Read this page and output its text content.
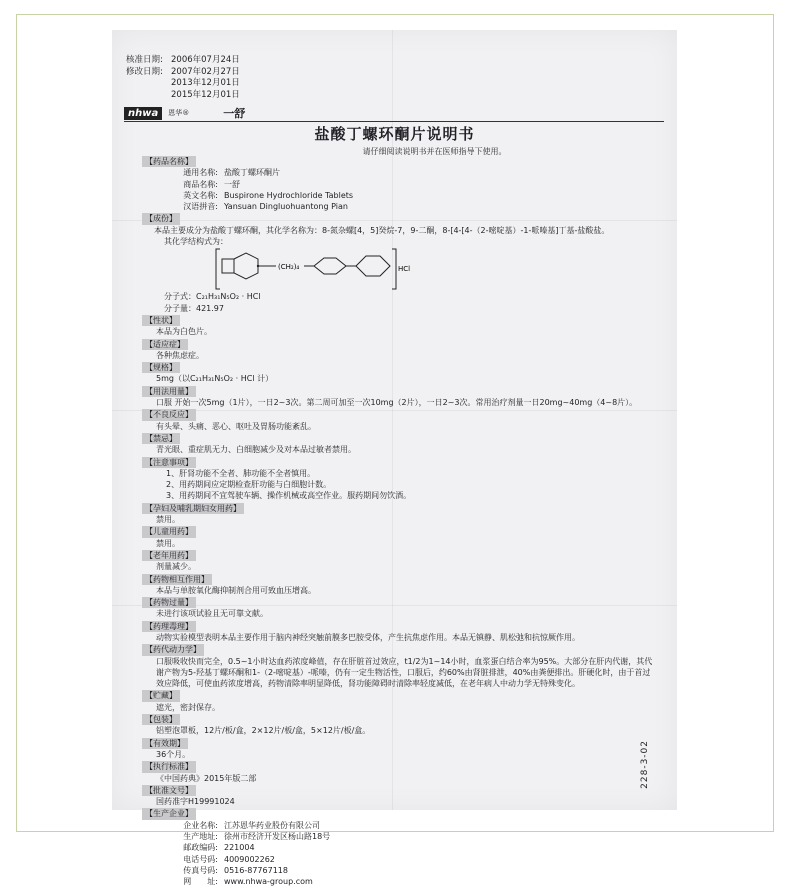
核准日期: 2006年07月24日
修改日期: 2007年02月27日
2013年12月01日
2015年12月01日
nhwa	恩华®	一舒
盐酸丁螺环酮片说明书
请仔细阅读说明书并在医师指导下使用。
【药品名称】
通用名称: 盐酸丁螺环酮片
商品名称: 一舒
英文名称: Buspirone Hydrochloride Tablets
汉语拼音: Yansuan Dingluohuantong Pian
【成份】
本品主要成分为盐酸丁螺环酮，其化学名称为：8-氮杂螺[4，5]癸烷-7，9-二酮，8-[4-[4-（2-嘧啶基）-1-哌嗪基]丁基-盐酸盐。
其化学结构式为：
(CH₂)₄	HCl
分子式：C₂₁H₃₁N₅O₂ · HCl
分子量：421.97
【性状】
本品为白色片。
【适应症】
各种焦虑症。
【规格】
5mg（以C₂₁H₃₁N₅O₂ · HCl 计）
【用法用量】
口服 开始一次5mg（1片），一日2~3次。第二周可加至一次10mg（2片），一日2~3次。常用治疗剂量一日20mg~40mg（4~8片）。
【不良反应】
有头晕、头痛、恶心、呕吐及胃肠功能紊乱。
【禁忌】
青光眼、重症肌无力、白细胞减少及对本品过敏者禁用。
【注意事项】
1、肝肾功能不全者、肺功能不全者慎用。
2、用药期间应定期检查肝功能与白细胞计数。
3、用药期间不宜驾驶车辆、操作机械或高空作业。服药期间勿饮酒。
【孕妇及哺乳期妇女用药】
禁用。
【儿童用药】
禁用。
【老年用药】
剂量减少。
【药物相互作用】
本品与单胺氧化酶抑制剂合用可致血压增高。
【药物过量】
未进行该项试验且无可靠文献。
【药理毒理】
动物实验模型表明本品主要作用于脑内神经突触前膜多巴胺受体，产生抗焦虑作用。本品无镇静、肌松弛和抗惊厥作用。
【药代动力学】
口服吸收快而完全，0.5~1小时达血药浓度峰值，存在肝脏首过效应，t1/2为1~14小时，血浆蛋白结合率为95%。大部分在肝内代谢，其代谢产物为5-羟基丁螺环酮和1-（2-嘧啶基）-哌嗪，仍有一定生物活性，口服后，约60%由肾脏排泄，40%由粪便排出。肝硬化时，由于首过效应降低，可使血药浓度增高，药物清除率明显降低，肾功能障碍时清除率轻度减低，在老年病人中动力学无特殊变化。
【贮藏】
遮光，密封保存。
【包装】
铝塑泡罩板，12片/板/盒，2×12片/板/盒，5×12片/板/盒。
【有效期】
36个月。
【执行标准】
《中国药典》2015年版二部
【批准文号】
国药准字H19991024
【生产企业】
企业名称: 江苏恩华药业股份有限公司
生产地址: 徐州市经济开发区杨山路18号
邮政编码: 221004
电话号码: 4009002262
传真号码: 0516-87767118
网　　址: www.nhwa-group.com
228-3-02
